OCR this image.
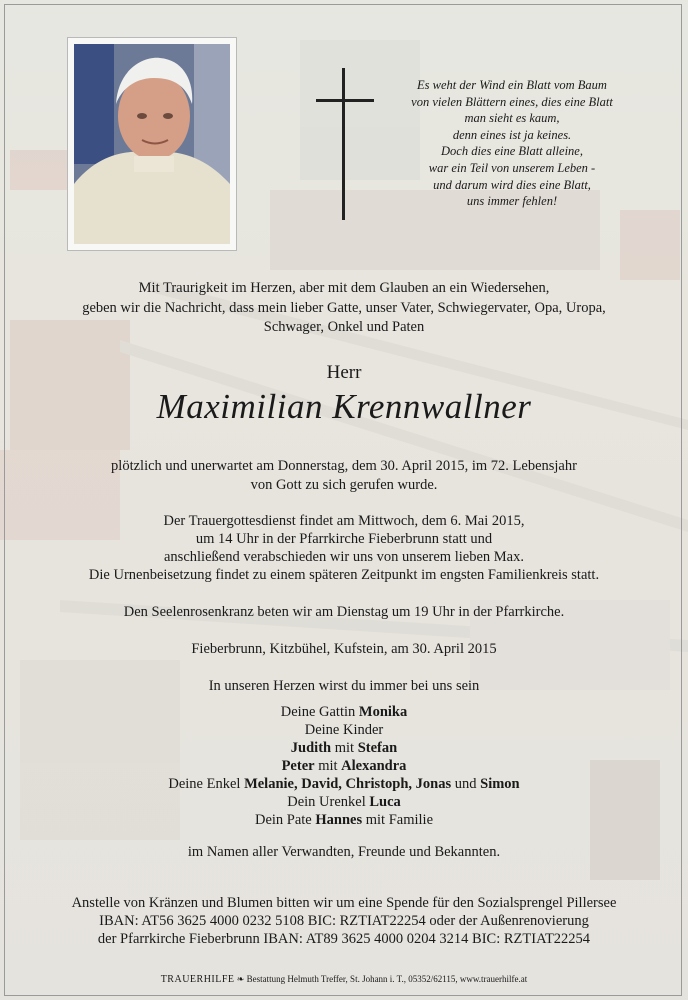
Es weht der Wind ein Blatt vom Baum
von vielen Blättern eines, dies eine Blatt
man sieht es kaum,
denn eines ist ja keines.
Doch dies eine Blatt alleine,
war ein Teil von unserem Leben -
und darum wird dies eine Blatt,
uns immer fehlen!
Mit Traurigkeit im Herzen, aber mit dem Glauben an ein Wiedersehen,
geben wir die Nachricht, dass mein lieber Gatte, unser Vater, Schwiegervater, Opa, Uropa,
Schwager, Onkel und Paten
Herr
Maximilian Krennwallner
plötzlich und unerwartet am Donnerstag, dem 30. April 2015, im 72. Lebensjahr
von Gott zu sich gerufen wurde.
Der Trauergottesdienst findet am Mittwoch, dem 6. Mai 2015,
um 14 Uhr in der Pfarrkirche Fieberbrunn statt und
anschließend verabschieden wir uns von unserem lieben Max.
Die Urnenbeisetzung findet zu einem späteren Zeitpunkt im engsten Familienkreis statt.
Den Seelenrosenkranz beten wir am Dienstag um 19 Uhr in der Pfarrkirche.
Fieberbrunn, Kitzbühel, Kufstein, am 30. April 2015
In unseren Herzen wirst du immer bei uns sein
Deine Gattin Monika
Deine Kinder
Judith mit Stefan
Peter mit Alexandra
Deine Enkel Melanie, David, Christoph, Jonas und Simon
Dein Urenkel Luca
Dein Pate Hannes mit Familie
im Namen aller Verwandten, Freunde und Bekannten.
Anstelle von Kränzen und Blumen bitten wir um eine Spende für den Sozialsprengel Pillersee
IBAN: AT56 3625 4000 0232 5108 BIC: RZTIAT22254 oder der Außenrenovierung
der Pfarrkirche Fieberbrunn IBAN: AT89 3625 4000 0204 3214 BIC: RZTIAT22254
TRAUERHILFE ❧ Bestattung Helmuth Treffer, St. Johann i. T., 05352/62115, www.trauerhilfe.at
